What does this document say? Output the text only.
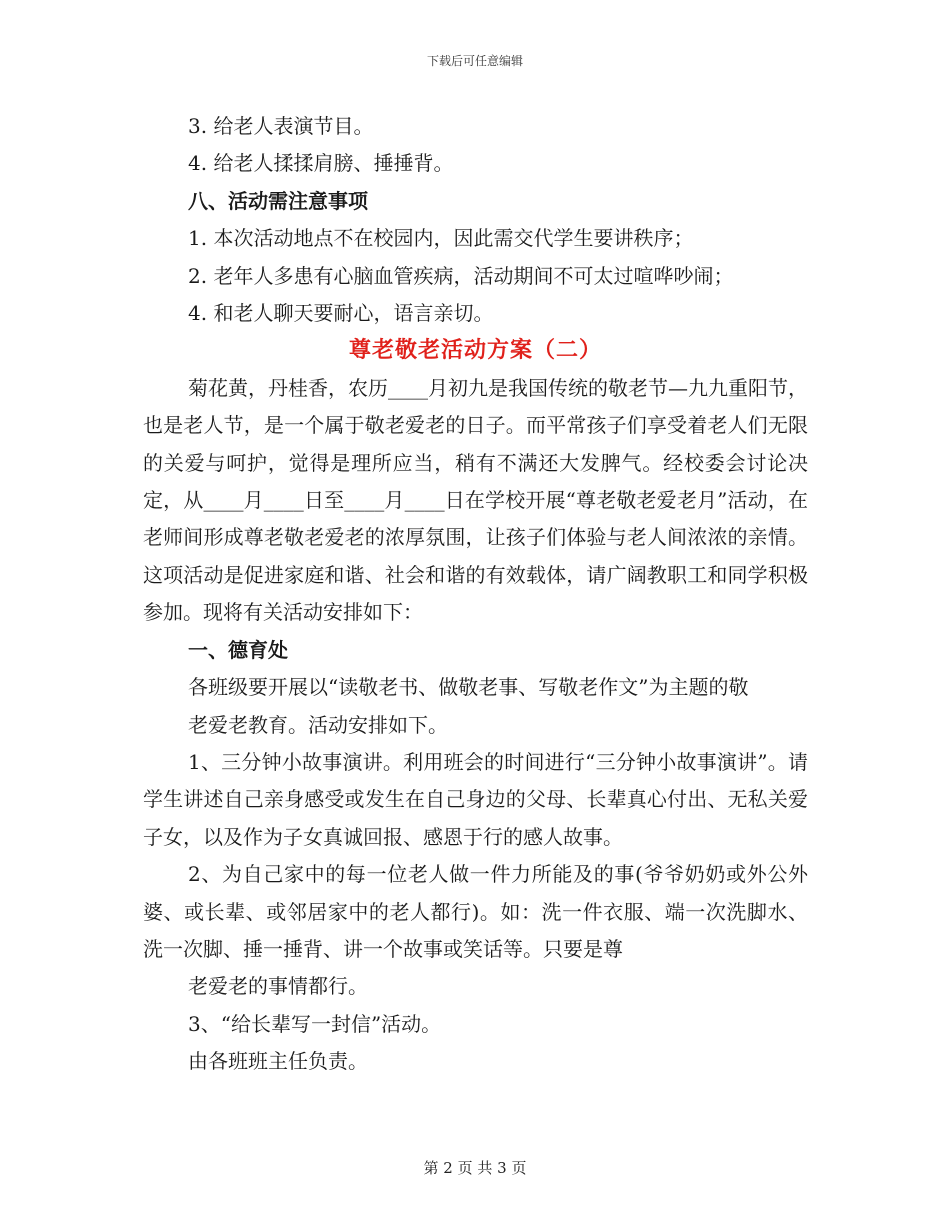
下载后可任意编辑

3. 给老人表演节目。

4. 给老人揉揉肩膀、捶捶背。

八、活动需注意事项

1. 本次活动地点不在校园内，因此需交代学生要讲秩序；

2. 老年人多患有心脑血管疾病，活动期间不可太过喧哗吵闹；

4. 和老人聊天要耐心，语言亲切。

尊老敬老活动方案（二）

菊花黄，丹桂香，农历____月初九是我国传统的敬老节—九九重阳节，也是老人节，是一个属于敬老爱老的日子。而平常孩子们享受着老人们无限的关爱与呵护，觉得是理所应当，稍有不满还大发脾气。经校委会讨论决定，从____月____日至____月____日在学校开展“尊老敬老爱老月”活动，在老师间形成尊老敬老爱老的浓厚氛围，让孩子们体验与老人间浓浓的亲情。这项活动是促进家庭和谐、社会和谐的有效载体，请广阔教职工和同学积极参加。现将有关活动安排如下：

一、德育处

各班级要开展以“读敬老书、做敬老事、写敬老作文”为主题的敬

老爱老教育。活动安排如下。

1、三分钟小故事演讲。利用班会的时间进行“三分钟小故事演讲”。请学生讲述自己亲身感受或发生在自己身边的父母、长辈真心付出、无私关爱子女，以及作为子女真诚回报、感恩于行的感人故事。

2、为自己家中的每一位老人做一件力所能及的事(爷爷奶奶或外公外婆、或长辈、或邻居家中的老人都行)。如：洗一件衣服、端一次洗脚水、洗一次脚、捶一捶背、讲一个故事或笑话等。只要是尊

老爱老的事情都行。

3、“给长辈写一封信”活动。

由各班班主任负责。

第 2 页 共 3 页
